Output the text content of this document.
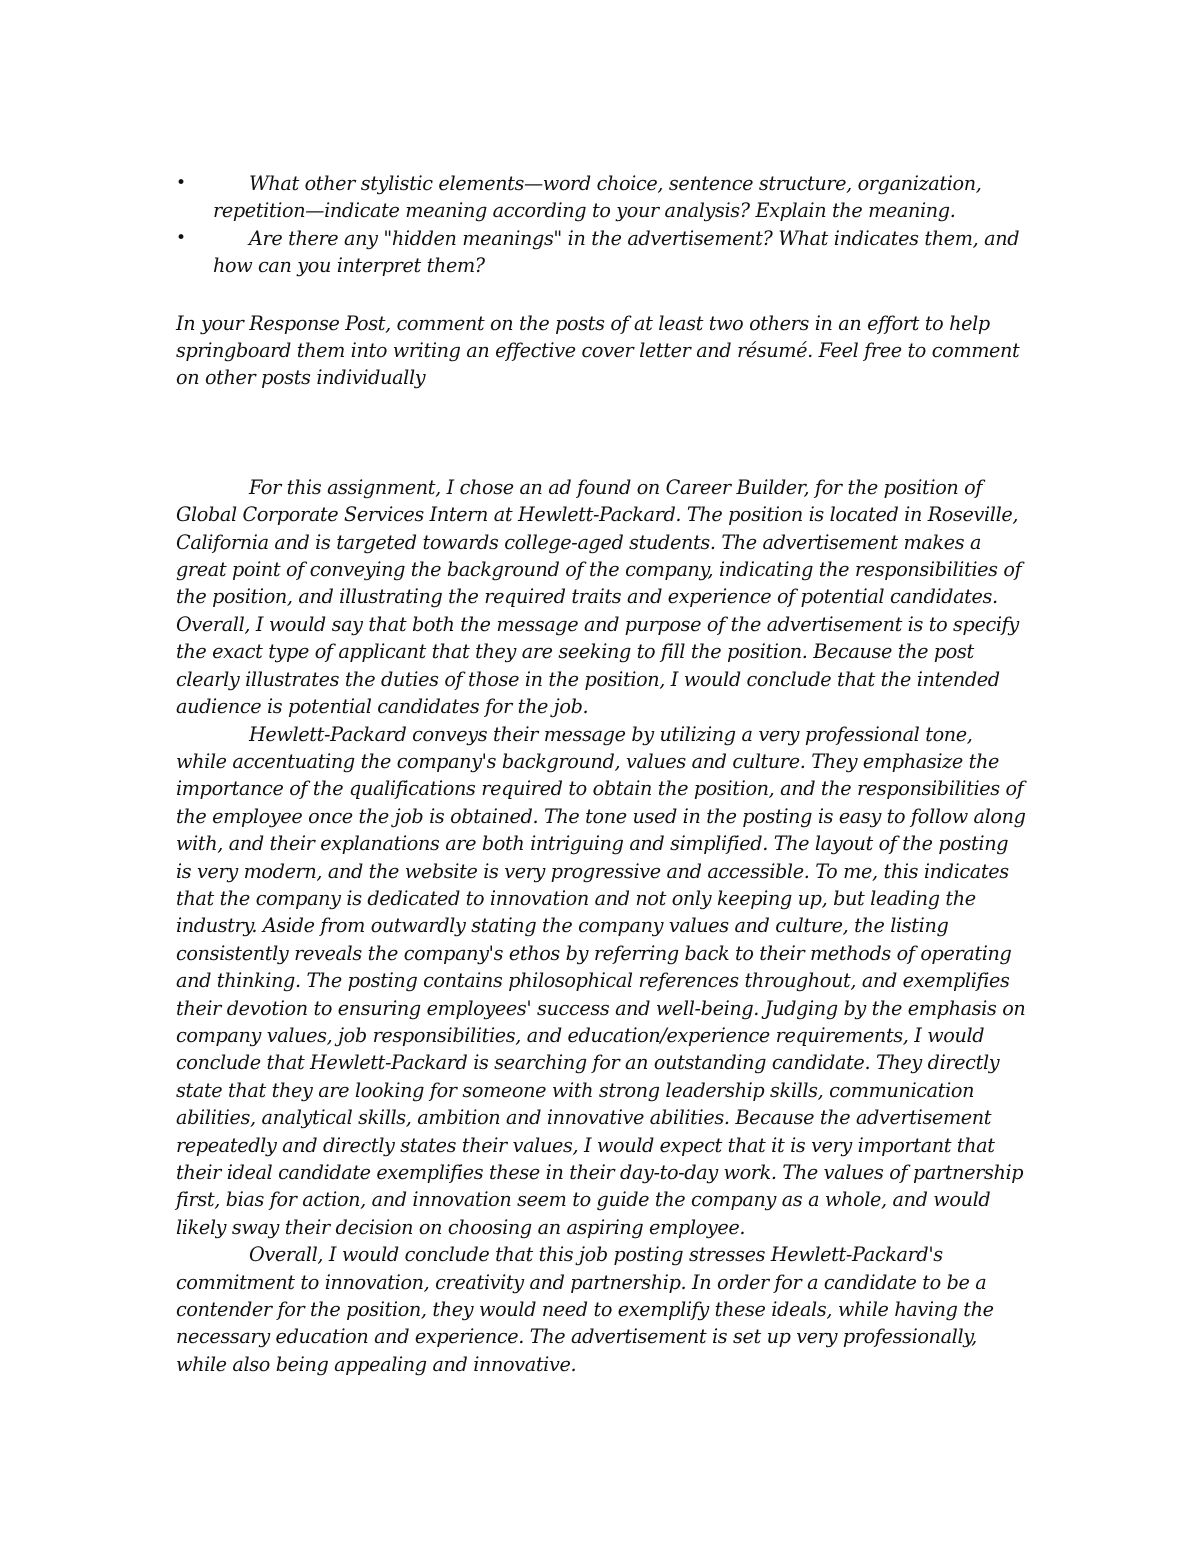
•	What other stylistic elements—word choice, sentence structure, organization, repetition—indicate meaning according to your analysis? Explain the meaning.
•	Are there any "hidden meanings" in the advertisement? What indicates them, and how can you interpret them?

In your Response Post, comment on the posts of at least two others in an effort to help springboard them into writing an effective cover letter and résumé. Feel free to comment on other posts individually

For this assignment, I chose an ad found on Career Builder, for the position of Global Corporate Services Intern at Hewlett-Packard. The position is located in Roseville, California and is targeted towards college-aged students. The advertisement makes a great point of conveying the background of the company, indicating the responsibilities of the position, and illustrating the required traits and experience of potential candidates. Overall, I would say that both the message and purpose of the advertisement is to specify the exact type of applicant that they are seeking to fill the position. Because the post clearly illustrates the duties of those in the position, I would conclude that the intended audience is potential candidates for the job.

Hewlett-Packard conveys their message by utilizing a very professional tone, while accentuating the company's background, values and culture. They emphasize the importance of the qualifications required to obtain the position, and the responsibilities of the employee once the job is obtained. The tone used in the posting is easy to follow along with, and their explanations are both intriguing and simplified. The layout of the posting is very modern, and the website is very progressive and accessible. To me, this indicates that the company is dedicated to innovation and not only keeping up, but leading the industry. Aside from outwardly stating the company values and culture, the listing consistently reveals the company's ethos by referring back to their methods of operating and thinking. The posting contains philosophical references throughout, and exemplifies their devotion to ensuring employees' success and well-being. Judging by the emphasis on company values, job responsibilities, and education/experience requirements, I would conclude that Hewlett-Packard is searching for an outstanding candidate. They directly state that they are looking for someone with strong leadership skills, communication abilities, analytical skills, ambition and innovative abilities. Because the advertisement repeatedly and directly states their values, I would expect that it is very important that their ideal candidate exemplifies these in their day-to-day work. The values of partnership first, bias for action, and innovation seem to guide the company as a whole, and would likely sway their decision on choosing an aspiring employee.

Overall, I would conclude that this job posting stresses Hewlett-Packard's commitment to innovation, creativity and partnership. In order for a candidate to be a contender for the position, they would need to exemplify these ideals, while having the necessary education and experience. The advertisement is set up very professionally, while also being appealing and innovative.
